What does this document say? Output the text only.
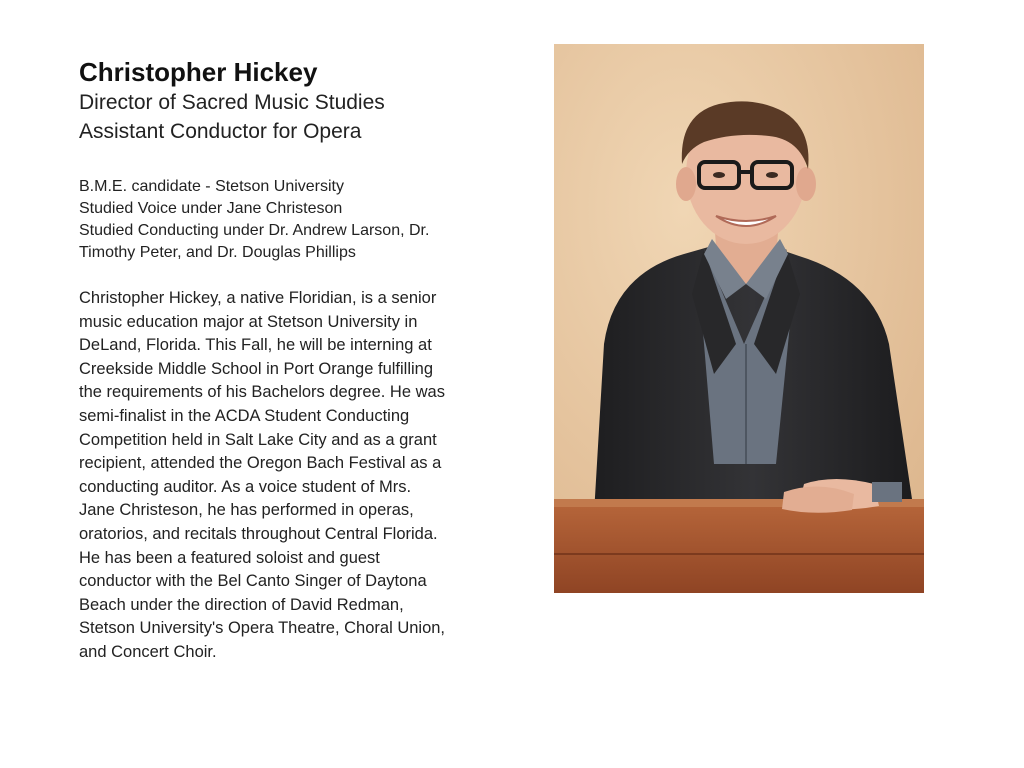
Christopher Hickey

Director of Sacred Music Studies

Assistant Conductor for Opera

B.M.E. candidate - Stetson University

Studied Voice under Jane Christeson

Studied Conducting under Dr. Andrew Larson, Dr.
Timothy Peter, and Dr. Douglas Phillips

Christopher Hickey, a native Floridian, is a senior
music education major at Stetson University in
DeLand, Florida. This Fall, he will be interning at
Creekside Middle School in Port Orange fulfilling
the requirements of his Bachelors degree. He was
semi-finalist in the ACDA Student Conducting
Competition held in Salt Lake City and as a grant
recipient, attended the Oregon Bach Festival as a
conducting auditor. As a voice student of Mrs.
Jane Christeson, he has performed in operas,
oratorios, and recitals throughout Central Florida.
He has been a featured soloist and guest
conductor with the Bel Canto Singer of Daytona
Beach under the direction of David Redman,
Stetson University's Opera Theatre, Choral Union,
and Concert Choir.
